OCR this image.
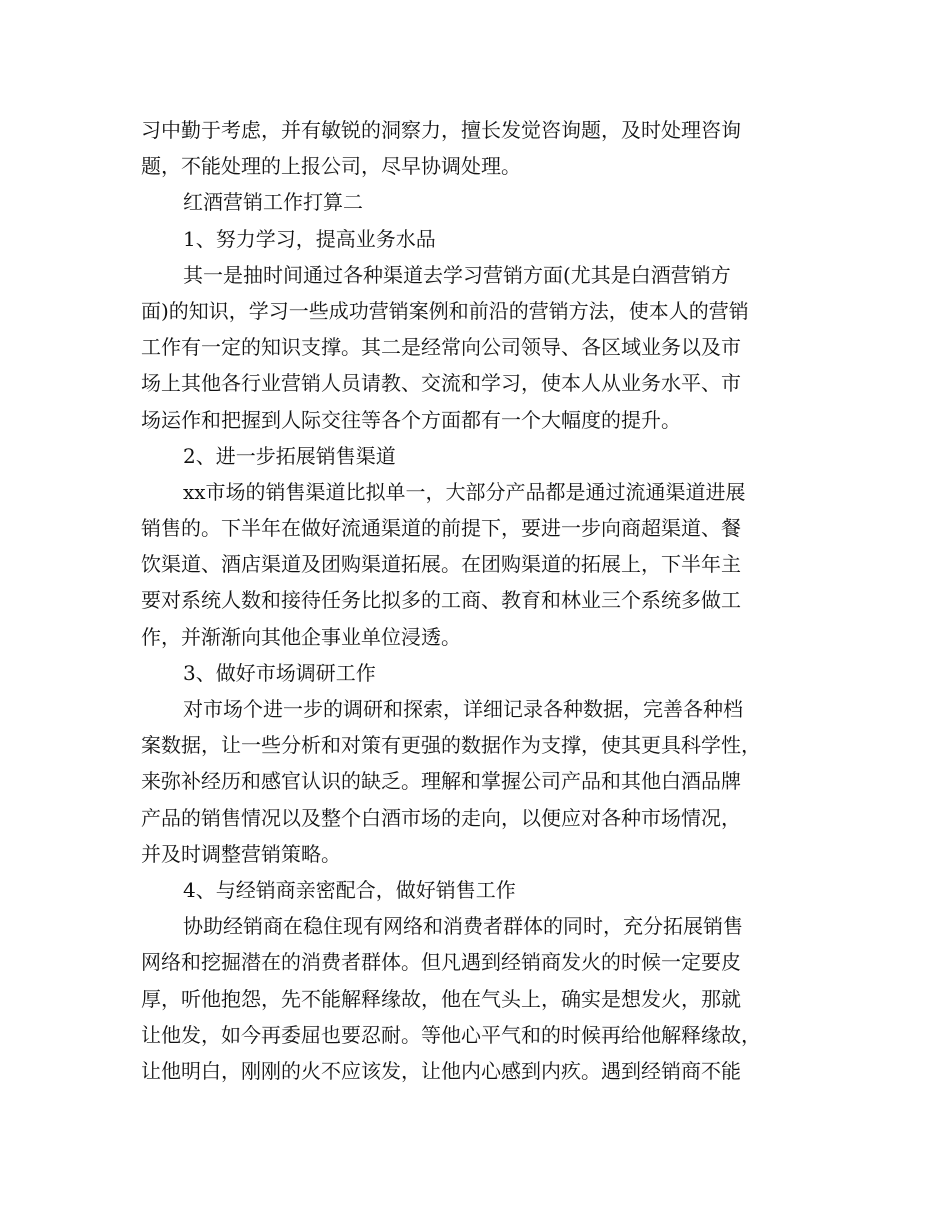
习中勤于考虑，并有敏锐的洞察力，擅长发觉咨询题，及时处理咨询
题，不能处理的上报公司，尽早协调处理。
红酒营销工作打算二
1、努力学习，提高业务水品
其一是抽时间通过各种渠道去学习营销方面(尤其是白酒营销方
面)的知识，学习一些成功营销案例和前沿的营销方法，使本人的营销
工作有一定的知识支撑。其二是经常向公司领导、各区域业务以及市
场上其他各行业营销人员请教、交流和学习，使本人从业务水平、市
场运作和把握到人际交往等各个方面都有一个大幅度的提升。
2、进一步拓展销售渠道
xx市场的销售渠道比拟单一，大部分产品都是通过流通渠道进展
销售的。下半年在做好流通渠道的前提下，要进一步向商超渠道、餐
饮渠道、酒店渠道及团购渠道拓展。在团购渠道的拓展上，下半年主
要对系统人数和接待任务比拟多的工商、教育和林业三个系统多做工
作，并渐渐向其他企事业单位浸透。
3、做好市场调研工作
对市场个进一步的调研和探索，详细记录各种数据，完善各种档
案数据，让一些分析和对策有更强的数据作为支撑，使其更具科学性，
来弥补经历和感官认识的缺乏。理解和掌握公司产品和其他白酒品牌
产品的销售情况以及整个白酒市场的走向，以便应对各种市场情况，
并及时调整营销策略。
4、与经销商亲密配合，做好销售工作
协助经销商在稳住现有网络和消费者群体的同时，充分拓展销售
网络和挖掘潜在的消费者群体。但凡遇到经销商发火的时候一定要皮
厚，听他抱怨，先不能解释缘故，他在气头上，确实是想发火，那就
让他发，如今再委屈也要忍耐。等他心平气和的时候再给他解释缘故，
让他明白，刚刚的火不应该发，让他内心感到内疚。遇到经销商不能
